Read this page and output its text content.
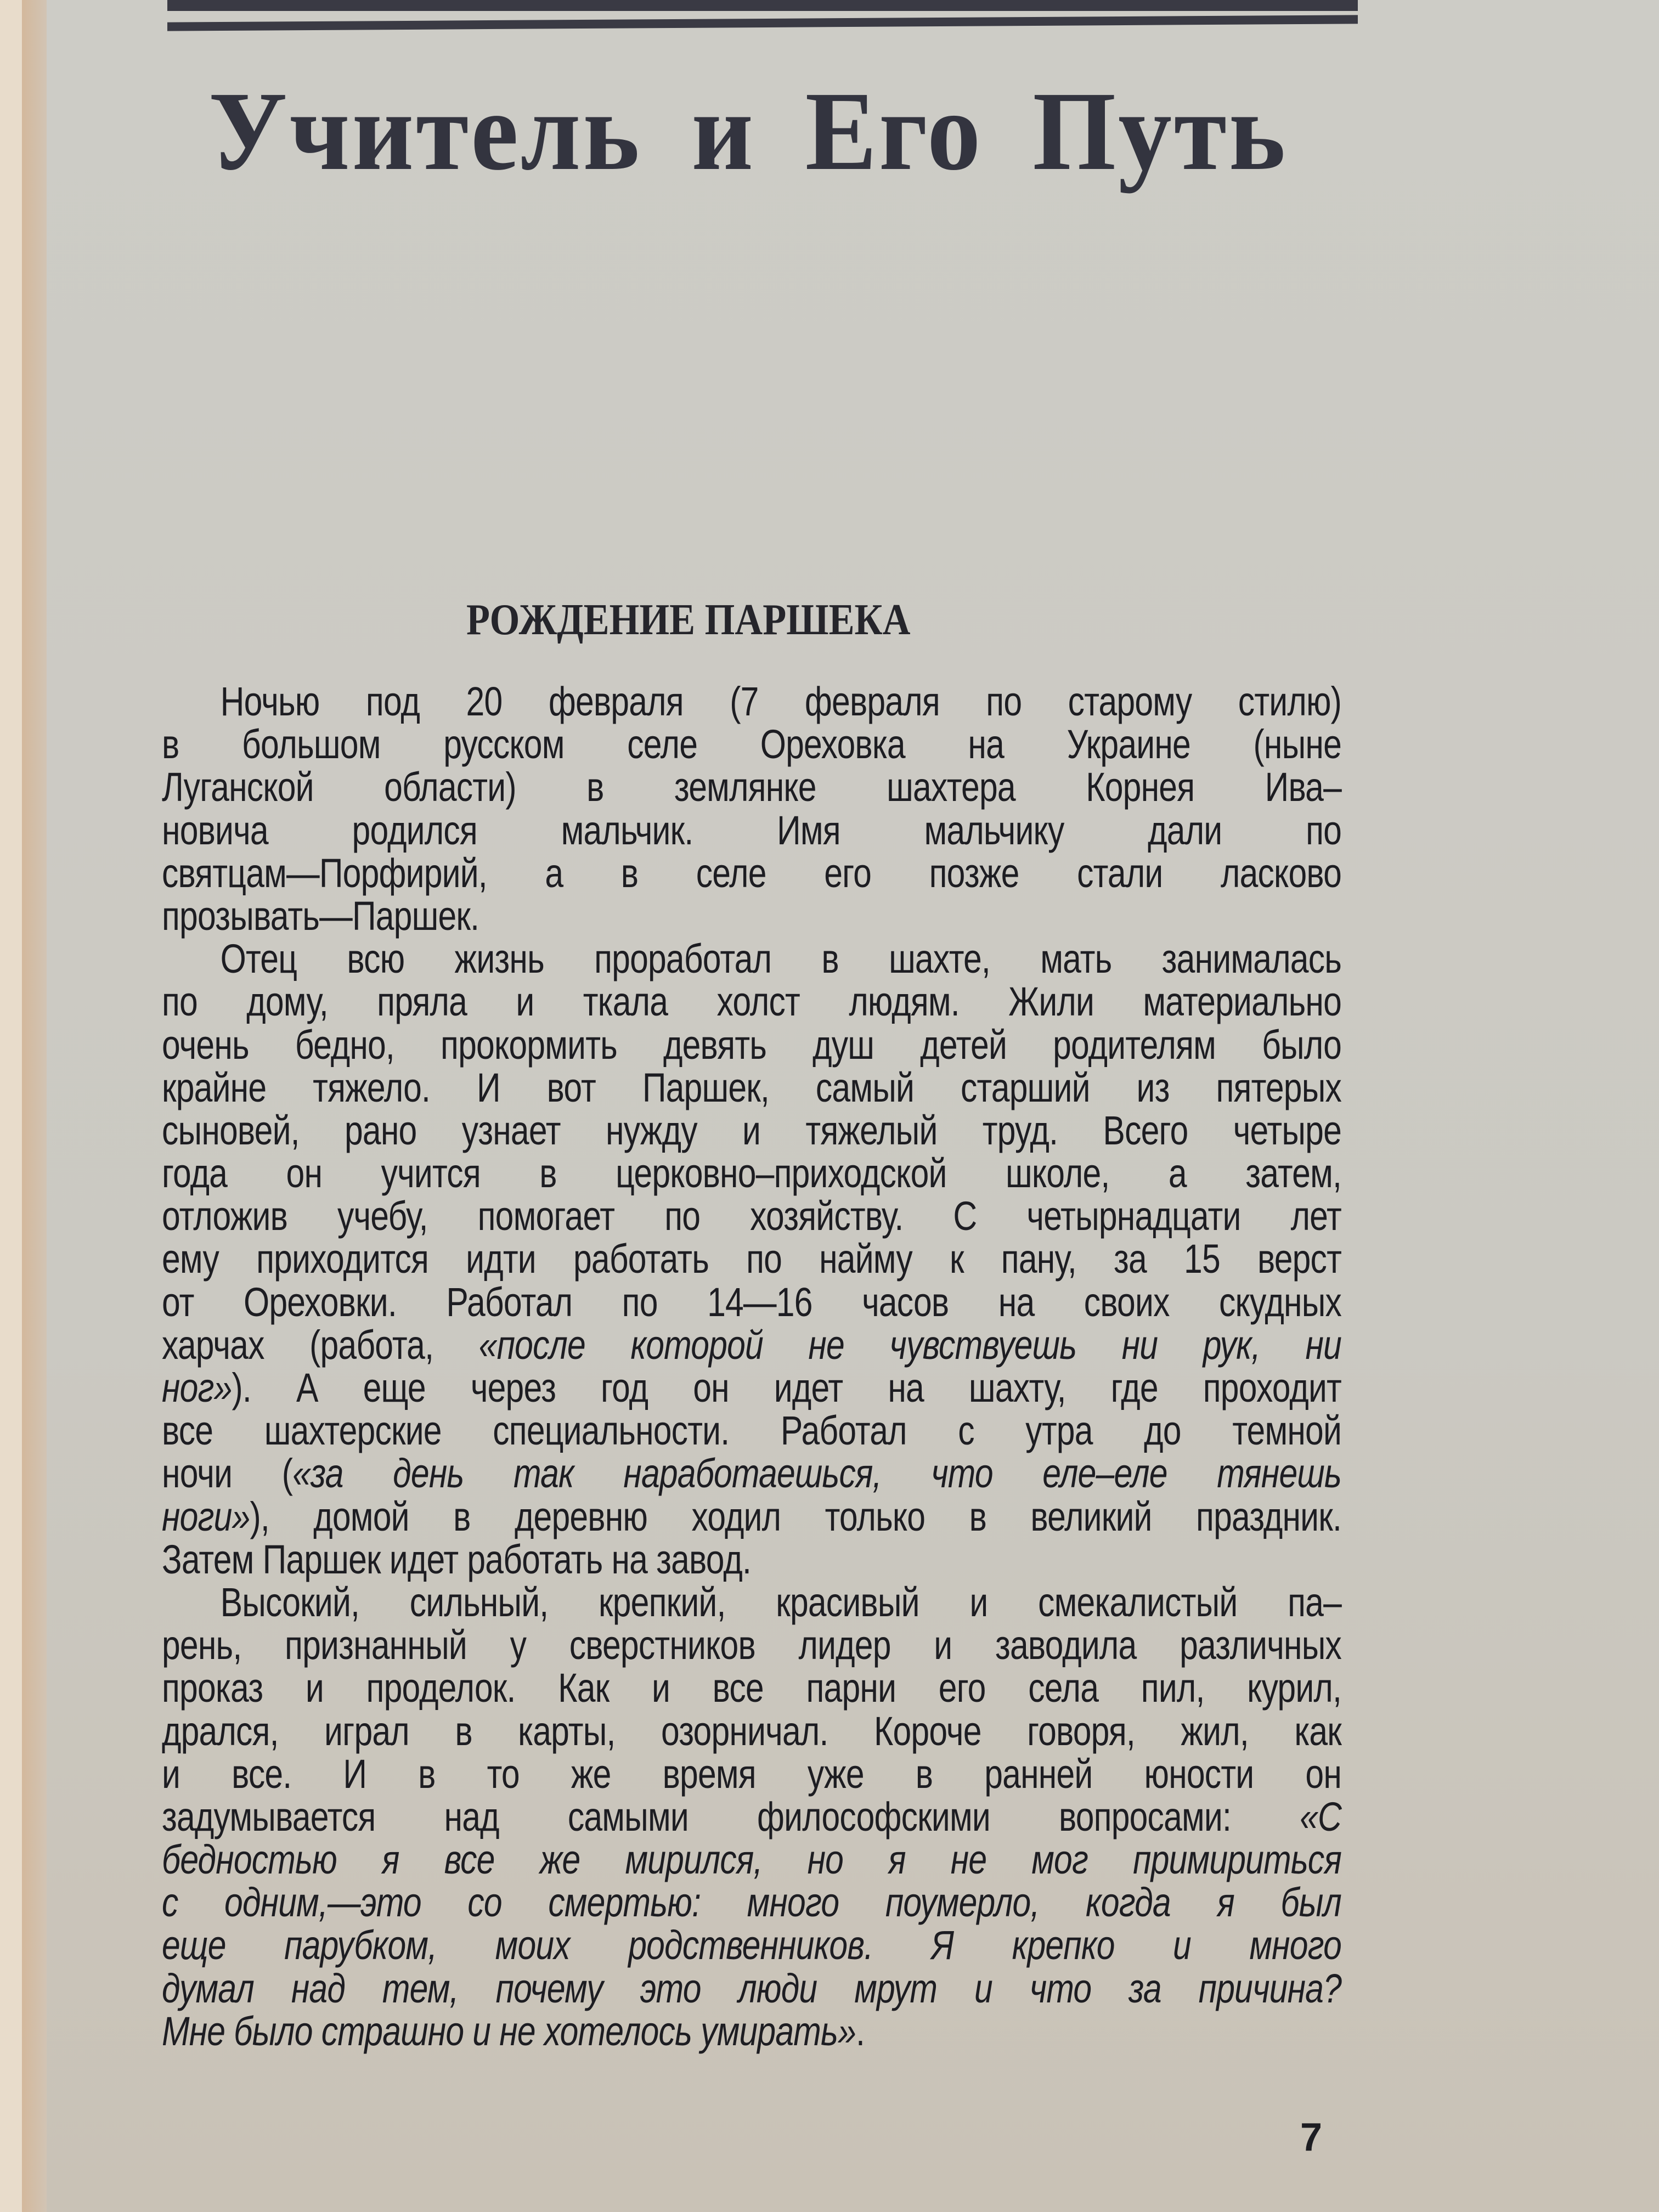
Учитель и Его Путь
РОЖДЕНИЕ ПАРШЕКА
Ночью под 20 февраля (7 февраля по старому стилю)
в большом русском селе Ореховка на Украине (ныне
Луганской области) в землянке шахтера Корнея Ива–
новича родился мальчик. Имя мальчику дали по
святцам—Порфирий, а в селе его позже стали ласково
прозывать—Паршек.
Отец всю жизнь проработал в шахте, мать занималась
по дому, пряла и ткала холст людям. Жили материально
очень бедно, прокормить девять душ детей родителям было
крайне тяжело. И вот Паршек, самый старший из пятерых
сыновей, рано узнает нужду и тяжелый труд. Всего четыре
года он учится в церковно–приходской школе, а затем,
отложив учебу, помогает по хозяйству. С четырнадцати лет
ему приходится идти работать по найму к пану, за 15 верст
от Ореховки. Работал по 14—16 часов на своих скудных
харчах (работа, «после которой не чувствуешь ни рук, ни
ног»). А еще через год он идет на шахту, где проходит
все шахтерские специальности. Работал с утра до темной
ночи («за день так наработаешься, что еле–еле тянешь
ноги»), домой в деревню ходил только в великий праздник.
Затем Паршек идет работать на завод.
Высокий, сильный, крепкий, красивый и смекалистый па–
рень, признанный у сверстников лидер и заводила различных
проказ и проделок. Как и все парни его села пил, курил,
дрался, играл в карты, озорничал. Короче говоря, жил, как
и все. И в то же время уже в ранней юности он
задумывается над самыми философскими вопросами: «С
бедностью я все же мирился, но я не мог примириться
с одним,—это со смертью: много поумерло, когда я был
еще парубком, моих родственников. Я крепко и много
думал над тем, почему это люди мрут и что за причина?
Мне было страшно и не хотелось умирать».
7
